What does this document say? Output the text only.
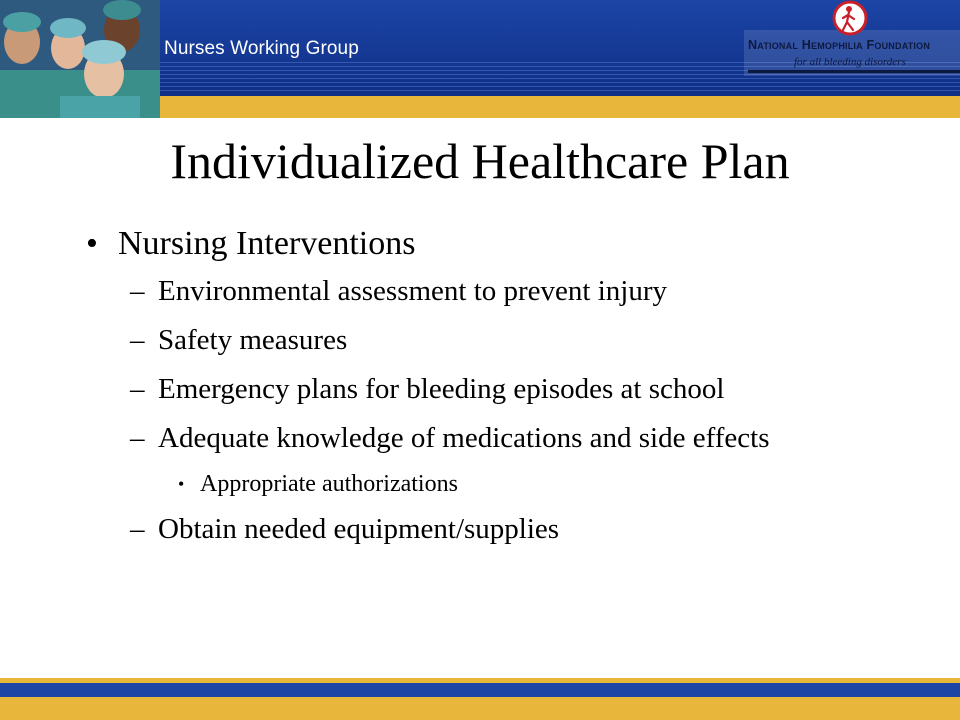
Nurses Working Group	National Hemophilia Foundation
for all bleeding disorders
Individualized Healthcare Plan
• Nursing Interventions
– Environmental assessment to prevent injury
– Safety measures
– Emergency plans for bleeding episodes at school
– Adequate knowledge of medications and side effects
• Appropriate authorizations
– Obtain needed equipment/supplies
